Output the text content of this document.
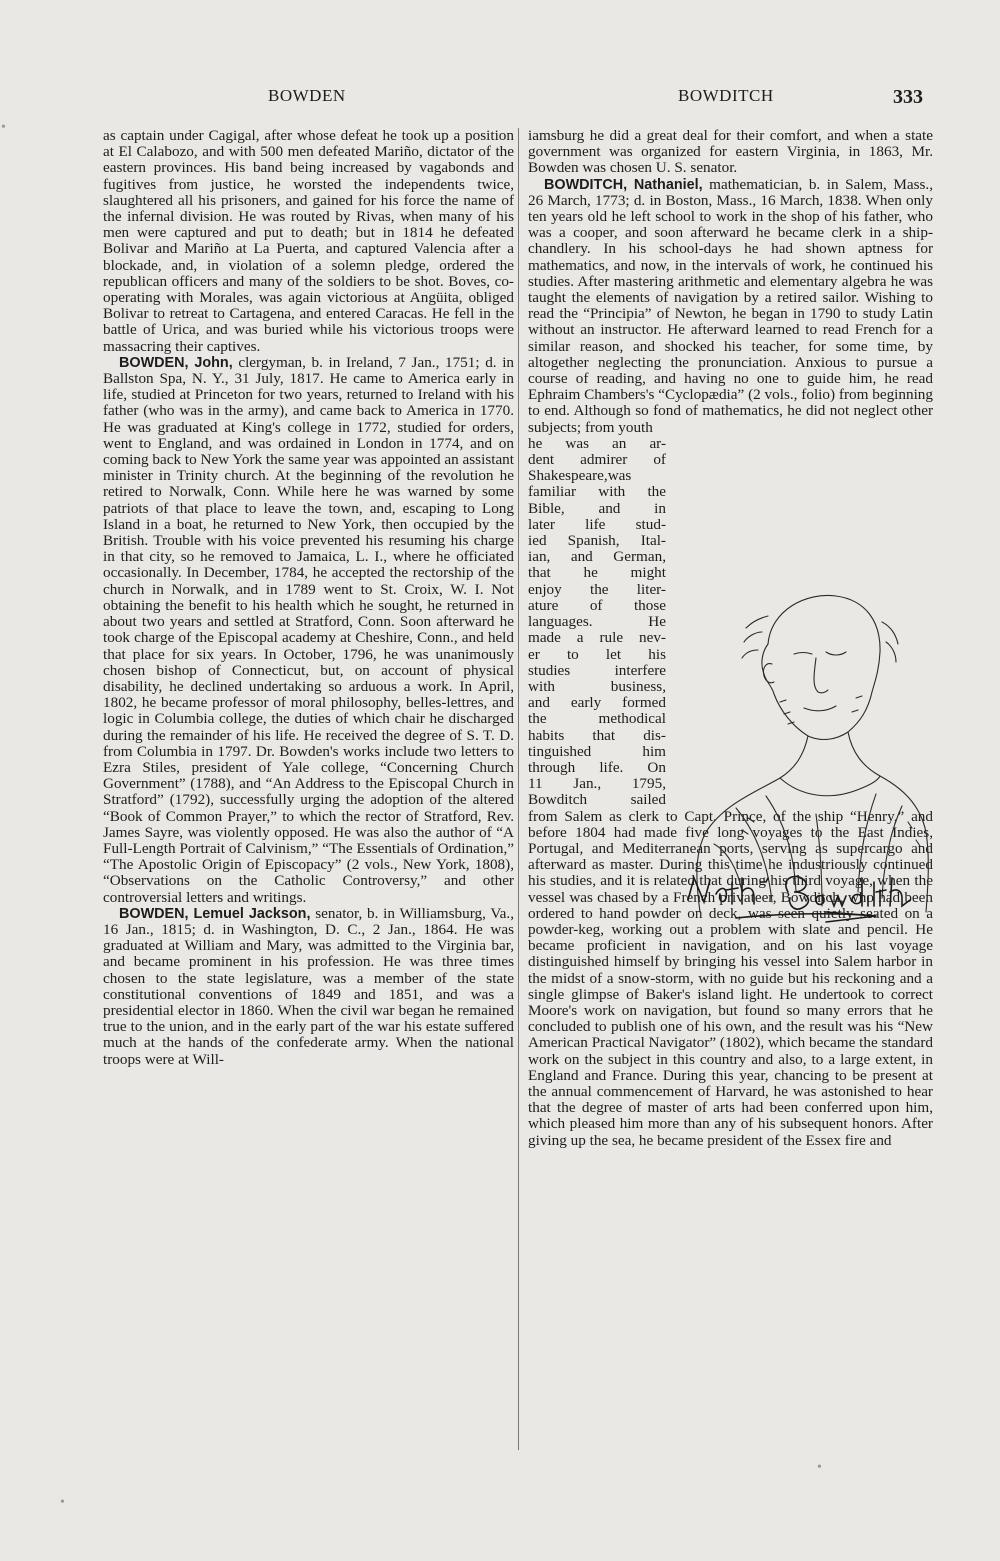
BOWDEN	BOWDITCH	333

as captain under Cagigal, after whose defeat he took up a position at El Calabozo, and with 500 men defeated Mariño, dictator of the eastern provinces. His band being increased by vagabonds and fugitives from justice, he worsted the independents twice, slaughtered all his prisoners, and gained for his force the name of the infernal division. He was routed by Rivas, when many of his men were captured and put to death; but in 1814 he defeated Bolivar and Mariño at La Puerta, and captured Valencia after a blockade, and, in violation of a solemn pledge, ordered the republican officers and many of the soldiers to be shot. Boves, co-operating with Morales, was again victorious at Angüita, obliged Bolivar to retreat to Cartagena, and entered Caracas. He fell in the battle of Urica, and was buried while his victorious troops were massacring their captives.

BOWDEN, John, clergyman, b. in Ireland, 7 Jan., 1751; d. in Ballston Spa, N. Y., 31 July, 1817. He came to America early in life, studied at Princeton for two years, returned to Ireland with his father (who was in the army), and came back to America in 1770. He was graduated at King's college in 1772, studied for orders, went to England, and was ordained in London in 1774, and on coming back to New York the same year was appointed an assistant minister in Trinity church. At the beginning of the revolution he retired to Norwalk, Conn. While here he was warned by some patriots of that place to leave the town, and, escaping to Long Island in a boat, he returned to New York, then occupied by the British. Trouble with his voice prevented his resuming his charge in that city, so he removed to Jamaica, L. I., where he officiated occasionally. In December, 1784, he accepted the rectorship of the church in Norwalk, and in 1789 went to St. Croix, W. I. Not obtaining the benefit to his health which he sought, he returned in about two years and settled at Stratford, Conn. Soon afterward he took charge of the Episcopal academy at Cheshire, Conn., and held that place for six years. In October, 1796, he was unanimously chosen bishop of Connecticut, but, on account of physical disability, he declined undertaking so arduous a work. In April, 1802, he became professor of moral philosophy, belles-lettres, and logic in Columbia college, the duties of which chair he discharged during the remainder of his life. He received the degree of S. T. D. from Columbia in 1797. Dr. Bowden's works include two letters to Ezra Stiles, president of Yale college, “Concerning Church Government” (1788), and “An Address to the Episcopal Church in Stratford” (1792), successfully urging the adoption of the altered “Book of Common Prayer,” to which the rector of Stratford, Rev. James Sayre, was violently opposed. He was also the author of “A Full-Length Portrait of Calvinism,” “The Essentials of Ordination,” “The Apostolic Origin of Episcopacy” (2 vols., New York, 1808), “Observations on the Catholic Controversy,” and other controversial letters and writings.

BOWDEN, Lemuel Jackson, senator, b. in Williamsburg, Va., 16 Jan., 1815; d. in Washington, D. C., 2 Jan., 1864. He was graduated at William and Mary, was admitted to the Virginia bar, and became prominent in his profession. He was three times chosen to the state legislature, was a member of the state constitutional conventions of 1849 and 1851, and was a presidential elector in 1860. When the civil war began he remained true to the union, and in the early part of the war his estate suffered much at the hands of the confederate army. When the national troops were at Will-

iamsburg he did a great deal for their comfort, and when a state government was organized for eastern Virginia, in 1863, Mr. Bowden was chosen U. S. senator.

BOWDITCH, Nathaniel, mathematician, b. in Salem, Mass., 26 March, 1773; d. in Boston, Mass., 16 March, 1838. When only ten years old he left school to work in the shop of his father, who was a cooper, and soon afterward he became clerk in a ship-chandlery. In his school-days he had shown aptness for mathematics, and now, in the intervals of work, he continued his studies. After mastering arithmetic and elementary algebra he was taught the elements of navigation by a retired sailor. Wishing to read the “Principia” of Newton, he began in 1790 to study Latin without an instructor. He afterward learned to read French for a similar reason, and shocked his teacher, for some time, by altogether neglecting the pronunciation. Anxious to pursue a course of reading, and having no one to guide him, he read Ephraim Chambers's “Cyclopædia” (2 vols., folio) from beginning to end. Although so fond of mathematics, he did not neglect other subjects; from youth

he was an ar-
dent admirer of
Shakespeare,was
familiar with the
Bible, and in
later life stud-
ied Spanish, Ital-
ian, and German,
that he might
enjoy the liter-
ature of those
languages. He
made a rule nev-
er to let his
studies interfere
with business,
and early formed
the methodical
habits that dis-
tinguished him
through life. On
11 Jan., 1795,
Bowditch sailed

from Salem as clerk to Capt. Prince, of the ship “Henry,” and before 1804 had made five long voyages to the East Indies, Portugal, and Mediterranean ports, serving as supercargo and afterward as master. During this time he industriously continued his studies, and it is related that during his third voyage, when the vessel was chased by a French privateer, Bowditch, who had been ordered to hand powder on deck, was seen quietly seated on a powder-keg, working out a problem with slate and pencil. He became proficient in navigation, and on his last voyage distinguished himself by bringing his vessel into Salem harbor in the midst of a snow-storm, with no guide but his reckoning and a single glimpse of Baker's island light. He undertook to correct Moore's work on navigation, but found so many errors that he concluded to publish one of his own, and the result was his “New American Practical Navigator” (1802), which became the standard work on the subject in this country and also, to a large extent, in England and France. During this year, chancing to be present at the annual commencement of Harvard, he was astonished to hear that the degree of master of arts had been conferred upon him, which pleased him more than any of his subsequent honors. After giving up the sea, he became president of the Essex fire and

•
•
•
